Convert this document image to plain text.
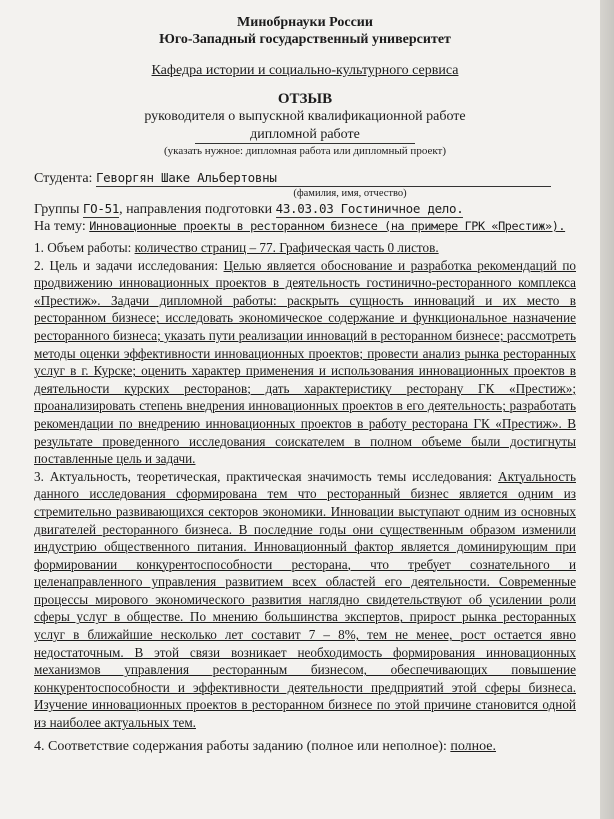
Минобрнауки России
Юго-Западный государственный университет
Кафедра истории и социально-культурного сервиса
ОТЗЫВ
руководителя о выпускной квалификационной работе
дипломной работе
(указать нужное: дипломная работа или дипломный проект)
Студента: Геворгян Шаке Альбертовны
(фамилия, имя, отчество)
Группы ГО-51, направления подготовки 43.03.03 Гостиничное дело.
На тему: Инновационные проекты в ресторанном бизнесе (на примере ГРК «Престиж»).

1. Объем работы: количество страниц – 77. Графическая часть 0 листов.

2. Цель и задачи исследования: Целью является обоснование и разработка рекомендаций по продвижению инновационных проектов в деятельность гостинично-ресторанного комплекса «Престиж». Задачи дипломной работы: раскрыть сущность инноваций и их место в ресторанном бизнесе; исследовать экономическое содержание и функциональное назначение ресторанного бизнеса; указать пути реализации инноваций в ресторанном бизнесе; рассмотреть методы оценки эффективности инновационных проектов; провести анализ рынка ресторанных услуг в г. Курске; оценить характер применения и использования инновационных проектов в деятельности курских ресторанов; дать характеристику ресторану ГК «Престиж»; проанализировать степень внедрения инновационных проектов в его деятельность; разработать рекомендации по внедрению инновационных проектов в работу ресторана ГК «Престиж». В результате проведенного исследования соискателем в полном объеме были достигнуты поставленные цель и задачи.

3. Актуальность, теоретическая, практическая значимость темы исследования: Актуальность данного исследования сформирована тем что ресторанный бизнес является одним из стремительно развивающихся секторов экономики. Инновации выступают одним из основных двигателей ресторанного бизнеса. В последние годы они существенным образом изменили индустрию общественного питания. Инновационный фактор является доминирующим при формировании конкурентоспособности ресторана, что требует сознательного и целенаправленного управления развитием всех областей его деятельности. Современные процессы мирового экономического развития наглядно свидетельствуют об усилении роли сферы услуг в обществе. По мнению большинства экспертов, прирост рынка ресторанных услуг в ближайшие несколько лет составит 7 – 8%, тем не менее, рост остается явно недостаточным. В этой связи возникает необходимость формирования инновационных механизмов управления ресторанным бизнесом, обеспечивающих повышение конкурентоспособности и эффективности деятельности предприятий этой сферы бизнеса. Изучение инновационных проектов в ресторанном бизнесе по этой причине становится одной из наиболее актуальных тем.

4. Соответствие содержания работы заданию (полное или неполное): полное.
